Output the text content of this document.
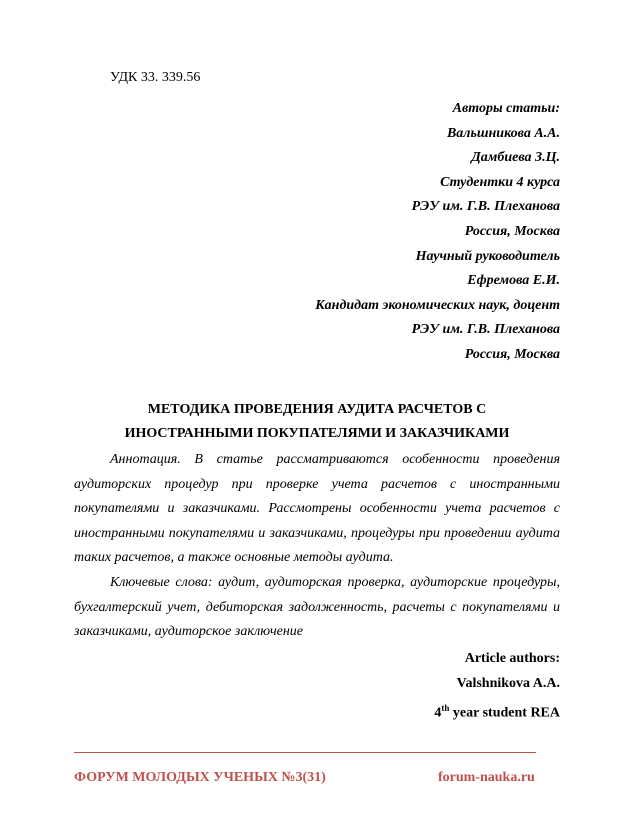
УДК 33. 339.56
Авторы статьи:
Вальшникова А.А.
Дамбиева З.Ц.
Студентки 4 курса
РЭУ им. Г.В. Плеханова
Россия, Москва
Научный руководитель
Ефремова Е.И.
Кандидат экономических наук, доцент
РЭУ им. Г.В. Плеханова
Россия, Москва
МЕТОДИКА ПРОВЕДЕНИЯ АУДИТА РАСЧЕТОВ С
ИНОСТРАННЫМИ ПОКУПАТЕЛЯМИ И ЗАКАЗЧИКАМИ
Аннотация. В статье рассматриваются особенности проведения аудиторских процедур при проверке учета расчетов с иностранными покупателями и заказчиками. Рассмотрены особенности учета расчетов с иностранными покупателями и заказчиками, процедуры при проведении аудита таких расчетов, а также основные методы аудита.
Ключевые слова: аудит, аудиторская проверка, аудиторские процедуры, бухгалтерский учет, дебиторская задолженность, расчеты с покупателями и заказчиками, аудиторское заключение
Article authors:
Valshnikova A.A.
4th year student REA
ФОРУМ МОЛОДЫХ УЧЕНЫХ №3(31)	forum-nauka.ru
